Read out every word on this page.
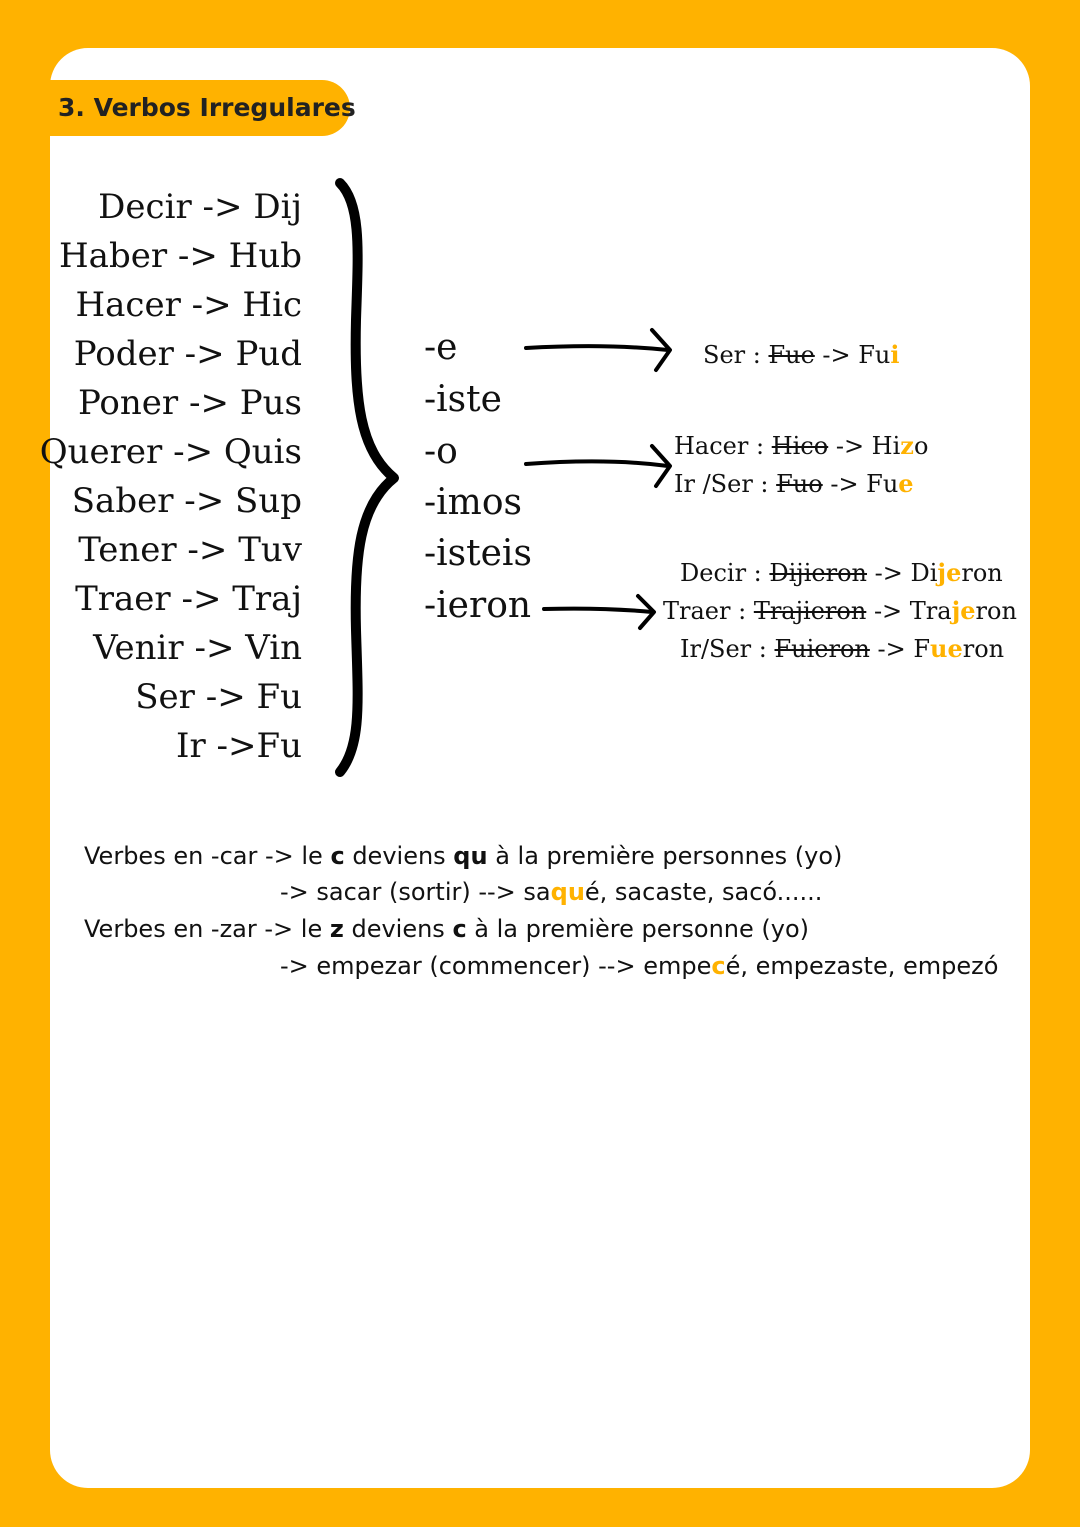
3. Verbos Irregulares
Decir -> Dij
Haber -> Hub
Hacer -> Hic
Poder -> Pud
Poner -> Pus
Querer -> Quis
Saber -> Sup
Tener -> Tuv
Traer -> Traj
Venir -> Vin
Ser -> Fu
Ir ->Fu
-e
-iste
-o
-imos
-isteis
-ieron
Ser : Fue -> Fui
Hacer : Hico -> Hizo
Ir /Ser : Fuo -> Fue
Decir : Dijieron -> Dijeron
Traer : Trajieron -> Trajeron
Ir/Ser : Fuieron -> Fueron
Verbes en -car -> le c deviens qu à la première personnes (yo)
-> sacar (sortir) --> saqué, sacaste, sacó......
Verbes en -zar -> le z deviens c à la première personne (yo)
-> empezar (commencer) --> empecé, empezaste, empezó
